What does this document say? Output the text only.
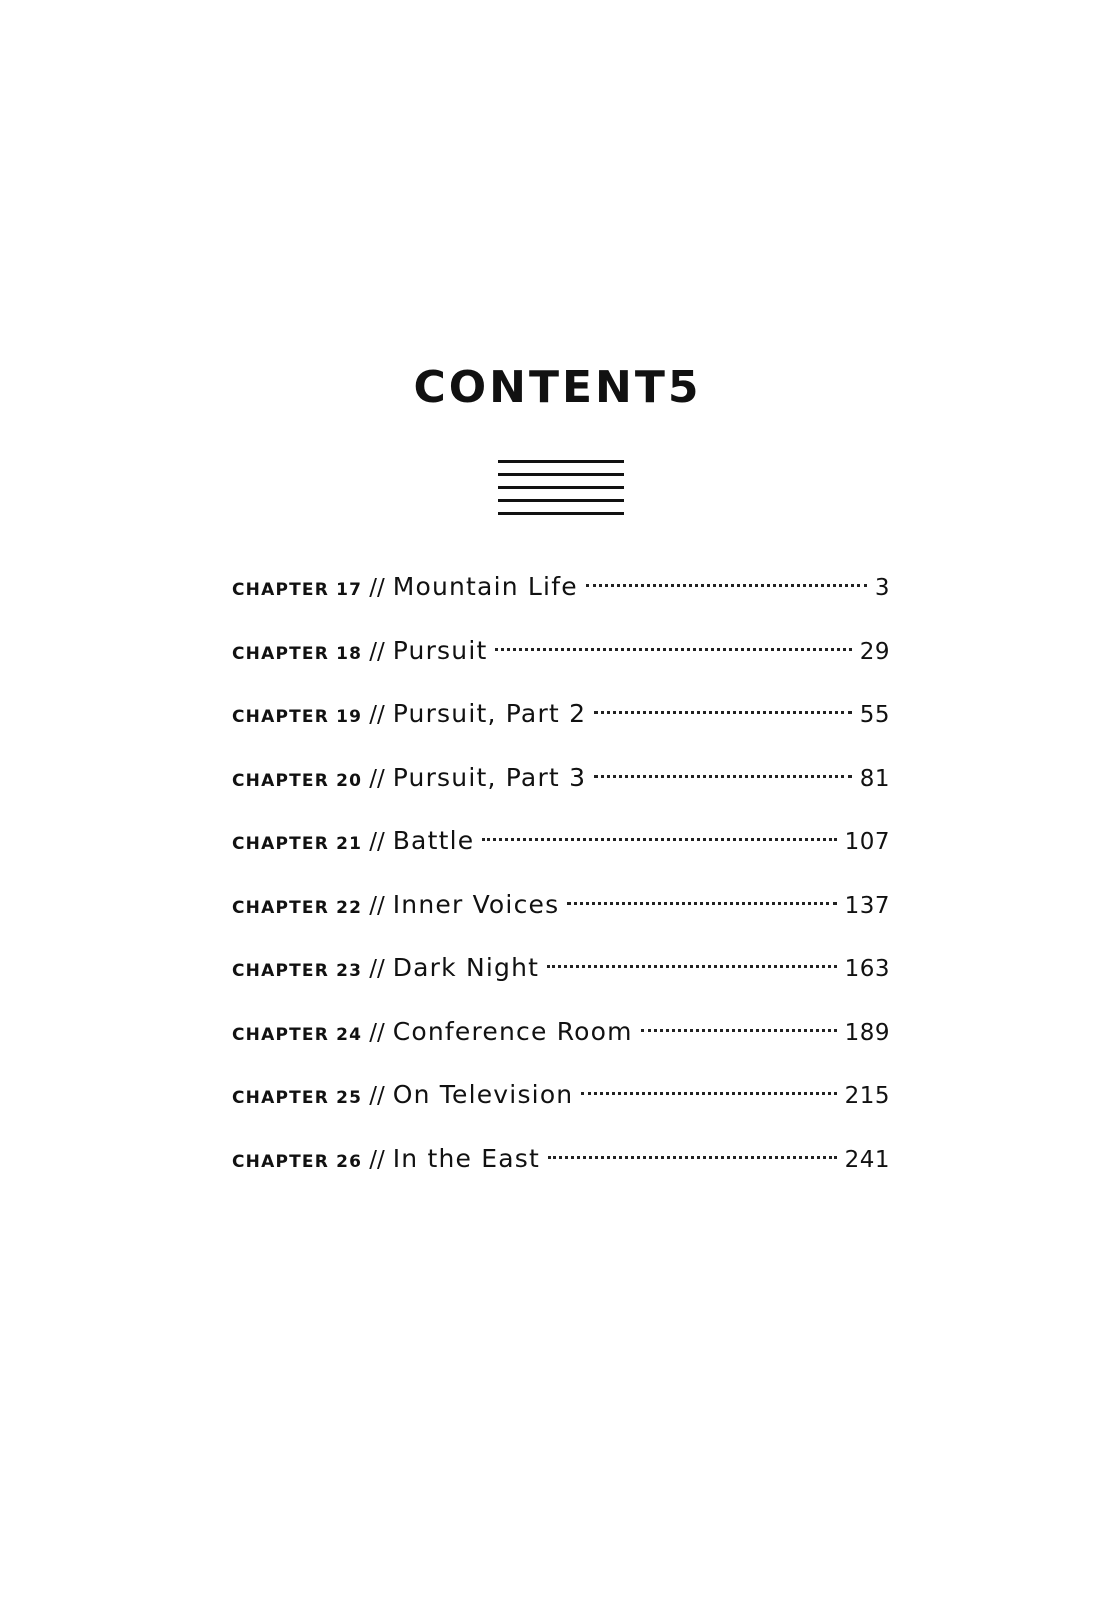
CONTENT5
CHAPTER 17 // Mountain Life	3
CHAPTER 18 // Pursuit	29
CHAPTER 19 // Pursuit, Part 2	55
CHAPTER 20 // Pursuit, Part 3	81
CHAPTER 21 // Battle	107
CHAPTER 22 // Inner Voices	137
CHAPTER 23 // Dark Night	163
CHAPTER 24 // Conference Room	189
CHAPTER 25 // On Television	215
CHAPTER 26 // In the East	241
